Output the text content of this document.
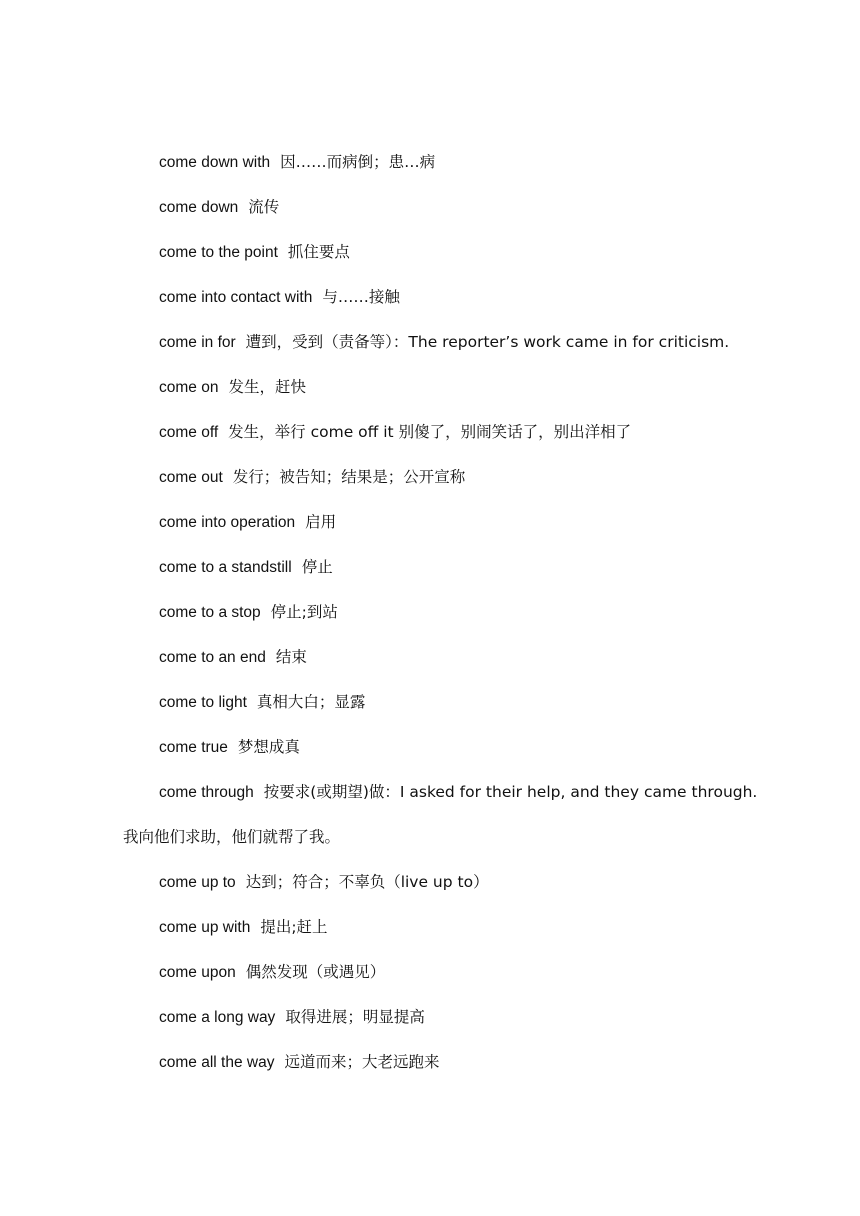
come down with 因……而病倒；患…病
come down 流传
come to the point 抓住要点
come into contact with 与……接触
come in for 遭到，受到（责备等）：The reporter’s work came in for criticism.
come on 发生，赶快
come off 发生，举行 come off it 别傻了，别闹笑话了，别出洋相了
come out 发行；被告知；结果是；公开宣称
come into operation 启用
come to a standstill 停止
come to a stop 停止;到站
come to an end 结束
come to light 真相大白；显露
come true 梦想成真
come through 按要求(或期望)做：I asked for their help, and they came through.
我向他们求助，他们就帮了我。
come up to 达到；符合；不辜负（live up to）
come up with 提出;赶上
come upon 偶然发现（或遇见）
come a long way 取得进展；明显提高
come all the way 远道而来；大老远跑来
